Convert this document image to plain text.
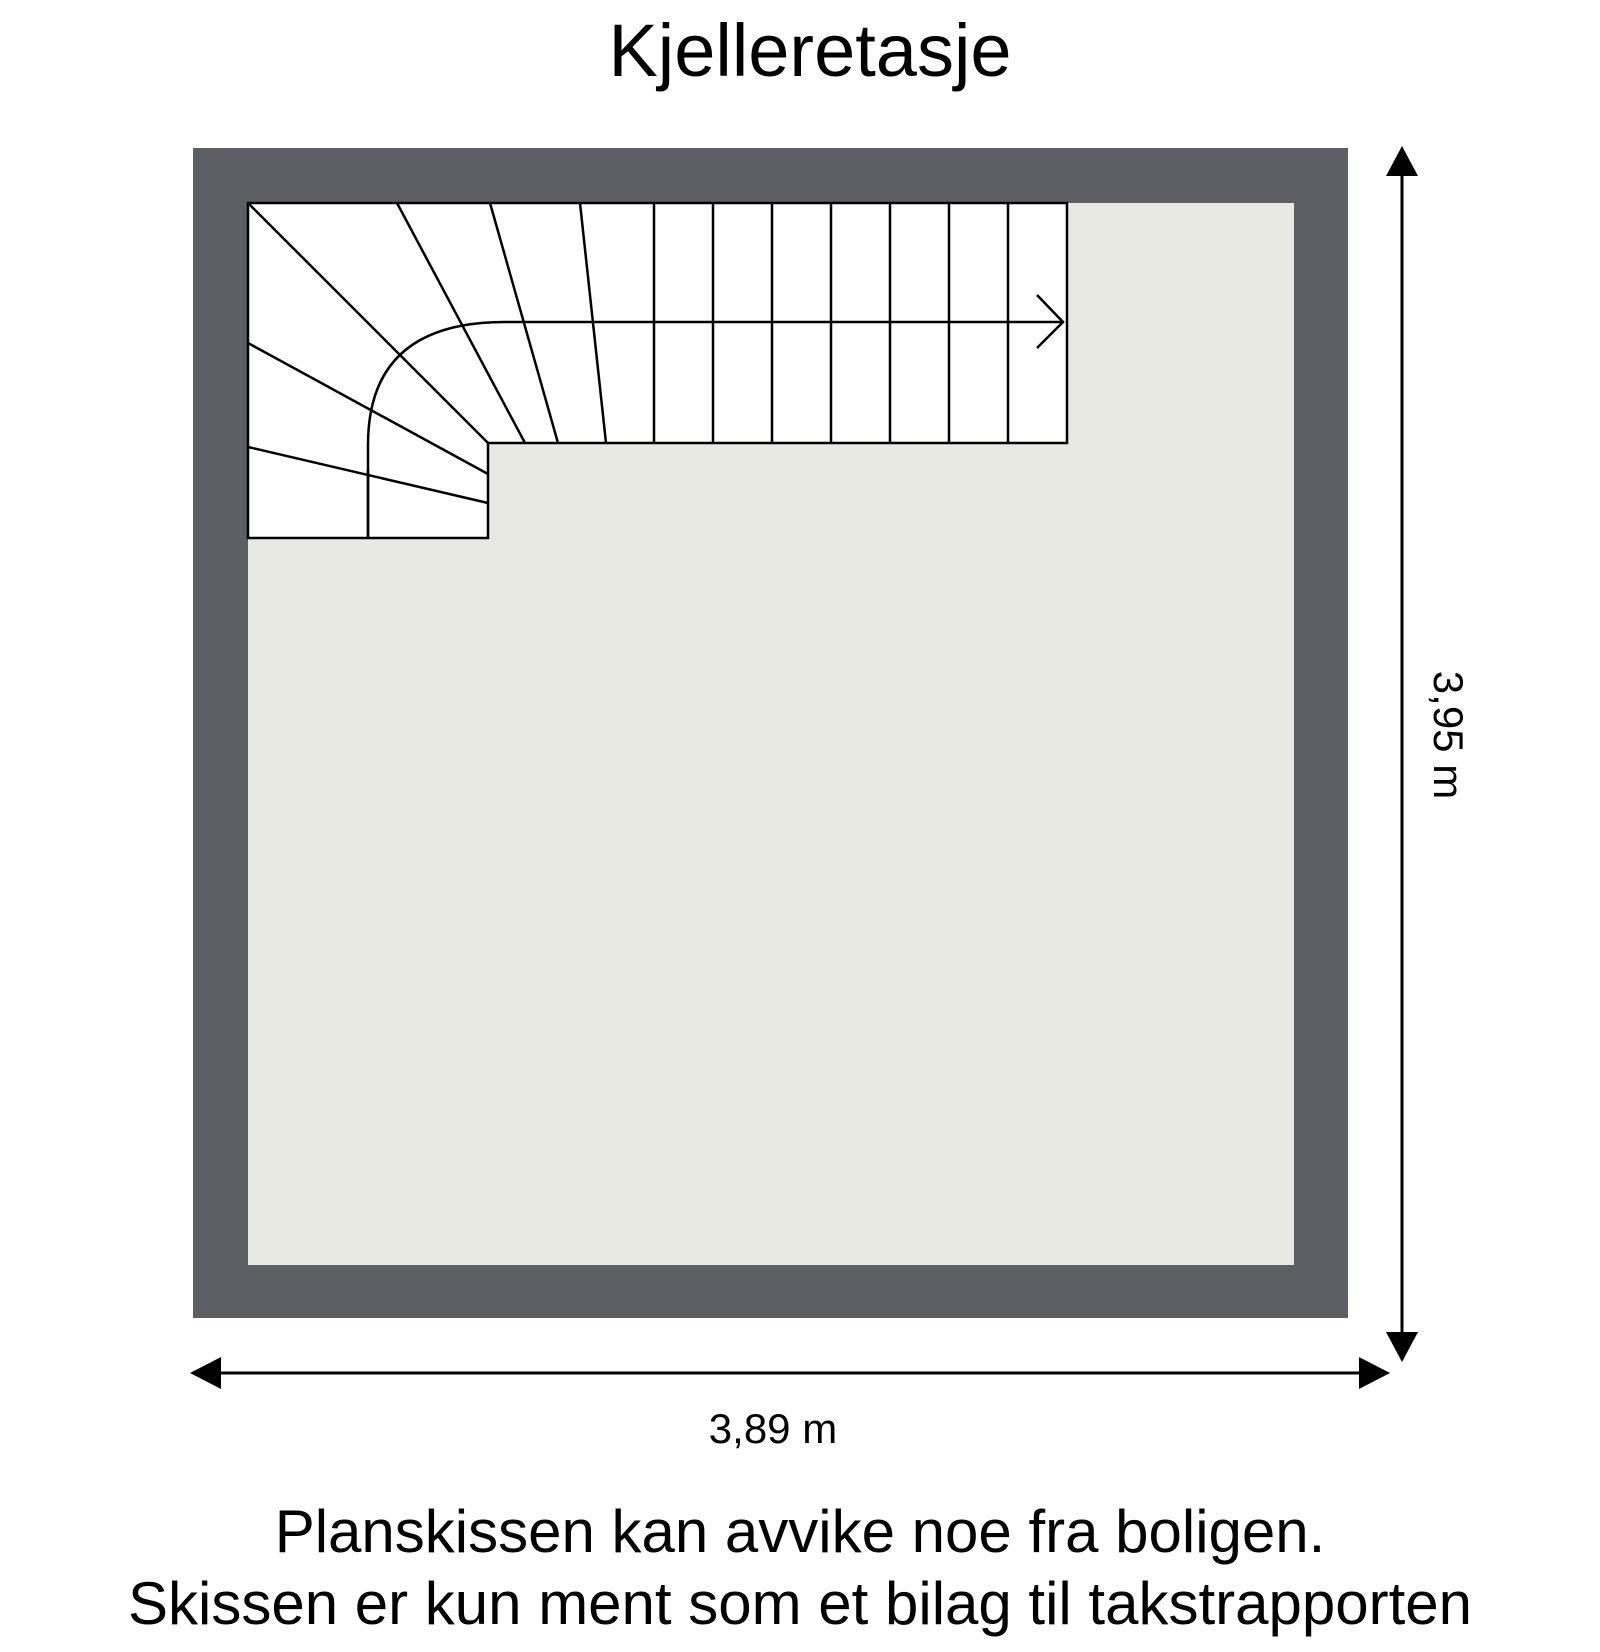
Kjelleretasje
3,95 m
3,89 m
Planskissen kan avvike noe fra boligen.
Skissen er kun ment som et bilag til takstrapporten
